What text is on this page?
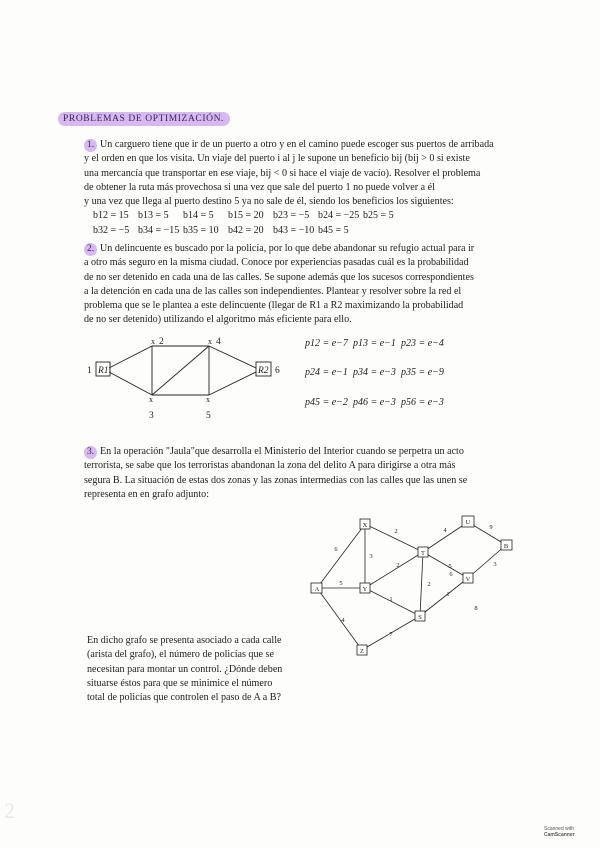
PROBLEMAS DE OPTIMIZACIÓN.
1. Un carguero tiene que ir de un puerto a otro y en el camino puede escoger sus puertos de arribada
y el orden en que los visita. Un viaje del puerto i al j le supone un beneficio bij (bij > 0 si existe
una mercancía que transportar en ese viaje, bij < 0 si hace el viaje de vacío). Resolver el problema
de obtener la ruta más provechosa si una vez que sale del puerto 1 no puede volver a él
y una vez que llega al puerto destino 5 ya no sale de él, siendo los beneficios los siguientes:
b12 = 15 b13 = 5 b14 = 5 b15 = 20 b23 = −5 b24 = −25 b25 = 5
b32 = −5 b34 = −15 b35 = 10 b42 = 20 b43 = −10 b45 = 5
2. Un delincuente es buscado por la policía, por lo que debe abandonar su refugio actual para ir
a otro más seguro en la misma ciudad. Conoce por experiencias pasadas cuál es la probabilidad
de no ser detenido en cada una de las calles. Se supone además que los sucesos correspondientes
a la detención en cada una de las calles son independientes. Plantear y resolver sobre la red el
problema que se le plantea a este delincuente (llegar de R1 a R2 maximizando la probabilidad
de no ser detenido) utilizando el algoritmo más eficiente para ello.
1 R1	R2 6
x 2	x 4
x
3
x
5
p12 = e−7 p13 = e−1 p23 = e−4
p24 = e−1 p34 = e−3 p35 = e−9
p45 = e−2 p46 = e−3 p56 = e−3
3. En la operación "Jaula"que desarrolla el Ministerio del Interior cuando se perpetra un acto
terrorista, se sabe que los terroristas abandonan la zona del delito A para dirigirse a otra más
segura B. La situación de estas dos zonas y las zonas intermedias con las calles que las unen se
representa en en grafo adjunto:
X	U
B
T
V
A	Y
S
Z
2	4	9
6
3
5
5
3
2
1
2
6
1
4
7
8
En dicho grafo se presenta asociado a cada calle
(arista del grafo), el número de policías que se
necesitan para montar un control. ¿Dónde deben
situarse éstos para que se minimice el número
total de policías que controlen el paso de A a B?
2
Scanned with
CamScanner
